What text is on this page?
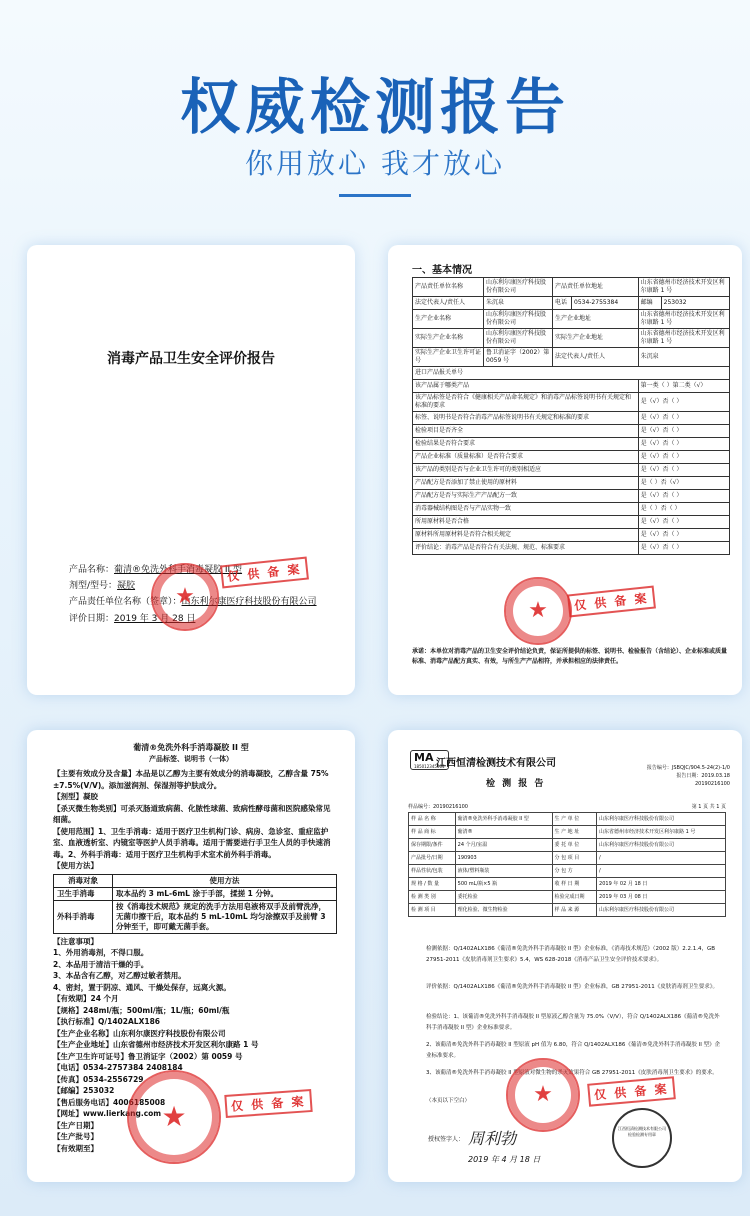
权威检测报告
你用放心 我才放心
消毒产品卫生安全评价报告
产品名称：葡清®免洗外科手消毒凝胶 II 型
剂型/型号：凝胶
产品责任单位名称（签章）：山东利尔康医疗科技股份有限公司
评价日期：2019 年 3 月 28 日
★
仅 供 备 案
一、基本情况
产品责任单位名称	山东利尔康医疗科技股份有限公司	产品责任单位地址		山东省德州市经济技术开发区利尔康路 1 号	
法定代表人/责任人	朱沉泉	电话	0534-2755384	邮编	253032
生产企业名称	山东利尔康医疗科技股份有限公司	生产企业地址		山东省德州市经济技术开发区利尔康路 1 号	
实际生产企业名称	山东利尔康医疗科技股份有限公司	实际生产企业地址		山东省德州市经济技术开发区利尔康路 1 号	
实际生产企业卫生许可证号	鲁卫消证字（2002）第 0059 号	法定代表人/责任人		朱沉泉	
进口产品报关单号					
该产品属于哪类产品				第一类（ ）第二类（√）	
该产品标签是否符合《健康相关产品命名规定》和消毒产品标签说明书有关规定和标准的要求				是（√）否（ ）	
标签、说明书是否符合消毒产品标签说明书有关规定和标准的要求				是（√）否（ ）	
检验项目是否齐全				是（√）否（ ）	
检验结果是否符合要求				是（√）否（ ）	
产品企业标准（质量标准）是否符合要求				是（√）否（ ）	
该产品的类别是否与企业卫生许可的类别相适应				是（√）否（ ）	
产品配方是否添加了禁止使用的原材料				是（ ）否（√）	
产品配方是否与实际生产产品配方一致				是（√）否（ ）	
消毒器械结构图是否与产品实物一致				是（ ）否（ ）	
所用原材料是否合格				是（√）否（ ）	
原材料所用原材料是否符合相关规定				是（√）否（ ）	
评价结论：消毒产品是否符合有关法规、规范、标准要求				是（√）否（ ）	
承诺：本单位对消毒产品的卫生安全评价结论负责，保证所提供的标签、说明书、检验报告（含结论）、企业标准或质量标准、消毒产品配方真实、有效，与所生产产品相符，并承担相应的法律责任。
★	仅 供 备 案
葡清®免洗外科手消毒凝胶 II 型
产品标签、说明书（一体）

【主要有效成分及含量】本品是以乙醇为主要有效成分的消毒凝胶，乙醇含量 75%±7.5%(V/V)。添加滋润剂、保湿剂等护肤成分。

【剂型】凝胶

【杀灭微生物类别】可杀灭肠道致病菌、化脓性球菌、致病性酵母菌和医院感染常见细菌。

【使用范围】1、卫生手消毒：适用于医疗卫生机构门诊、病房、急诊室、重症监护室、血液透析室、内镜室等医护人员手消毒。适用于需要进行手卫生人员的手快速消毒。2、外科手消毒：适用于医疗卫生机构手术室术前外科手消毒。

【使用方法】

消毒对象	使用方法
卫生手消毒	取本品约 3 mL-6mL 涂于手部，揉搓 1 分钟。
外科手消毒	按《消毒技术规范》规定的洗手方法用皂液将双手及前臂洗净，无菌巾擦干后，取本品约 5 mL-10mL 均匀涂擦双手及前臂 3 分钟至干，即可戴无菌手套。

【注意事项】

1、外用消毒剂，不得口服。

2、本品用于清洁干燥的手。

3、本品含有乙醇，对乙醇过敏者禁用。

4、密封，置于阴凉、通风、干燥处保存，远离火源。

【有效期】24 个月

【规格】248ml/瓶；500ml/瓶；1L/瓶；60ml/瓶

【执行标准】Q/1402ALX186

【生产企业名称】山东利尔康医疗科技股份有限公司

【生产企业地址】山东省德州市经济技术开发区利尔康路 1 号

【生产卫生许可证号】鲁卫消证字（2002）第 0059 号

【电话】0534-2757384 2408184

【传真】0534-2556729

【邮编】253032

【售后服务电话】4006185008

【网址】www.lierkang.com

【生产日期】

【生产批号】

【有效期至】

★	仅 供 备 案
MA
185012345604
江西恒清检测技术有限公司
检 测 报 告
报告编号：JSBQJC/904.5-24(2)-1/0
报告日期：2019.03.18
20190216100
样品编号：20190216100	第 1 页 共 1 页
样 品 名 称	葡清®免洗外科手消毒凝胶 II 型	生 产 单 位	山东利尔康医疗科技股份有限公司
样 品 商 标	葡清®	生 产 地 址	山东省德州市经济技术开发区利尔康路 1 号
保存期限/条件	24 个月/室温	委 托 单 位	山东利尔康医疗科技股份有限公司
产品批号/日期	190903	分 包 项 目	/
样品性状/包装	液体/塑料瓶装	分 包 方	/
规 格 / 数 量	500 mL/瓶×5 瓶	收 样 日 期	2019 年 02 月 18 日
检 测 类 别	委托检验	检验完成日期	2019 年 03 月 08 日
检 测 项 目	理化检验、微生物检验	样 品 来 源	山东利尔康医疗科技股份有限公司
检测依据：Q/1402ALX186《葡清®免洗外科手消毒凝胶 II 型》企业标准，《消毒技术规范》（2002 版）2.2.1.4，GB 27951-2011《皮肤消毒剂卫生要求》5.4，WS 628-2018《消毒产品卫生安全评价技术要求》。
评价依据：Q/1402ALX186《葡清®免洗外科手消毒凝胶 II 型》企业标准，GB 27951-2011《皮肤消毒剂卫生要求》。
检验结论：1、该葡清®免洗外科手消毒凝胶 II 型原液乙醇含量为 75.0%（V/V），符合 Q/1402ALX186《葡清®免洗外科手消毒凝胶 II 型》企业标准要求。
2、该葡清®免洗外科手消毒凝胶 II 型原液 pH 值为 6.80，符合 Q/1402ALX186《葡清®免洗外科手消毒凝胶 II 型》企业标准要求。
3、该葡清®免洗外科手消毒凝胶 II 型原液对微生物的杀灭效果符合 GB 27951-2011《皮肤消毒剂卫生要求》的要求。
（本页以下空白）
授权签字人： 周利勃
2019 年 4 月 18 日
★	仅 供 备 案
江西恒清检测技术有限公司 检验检测专用章
